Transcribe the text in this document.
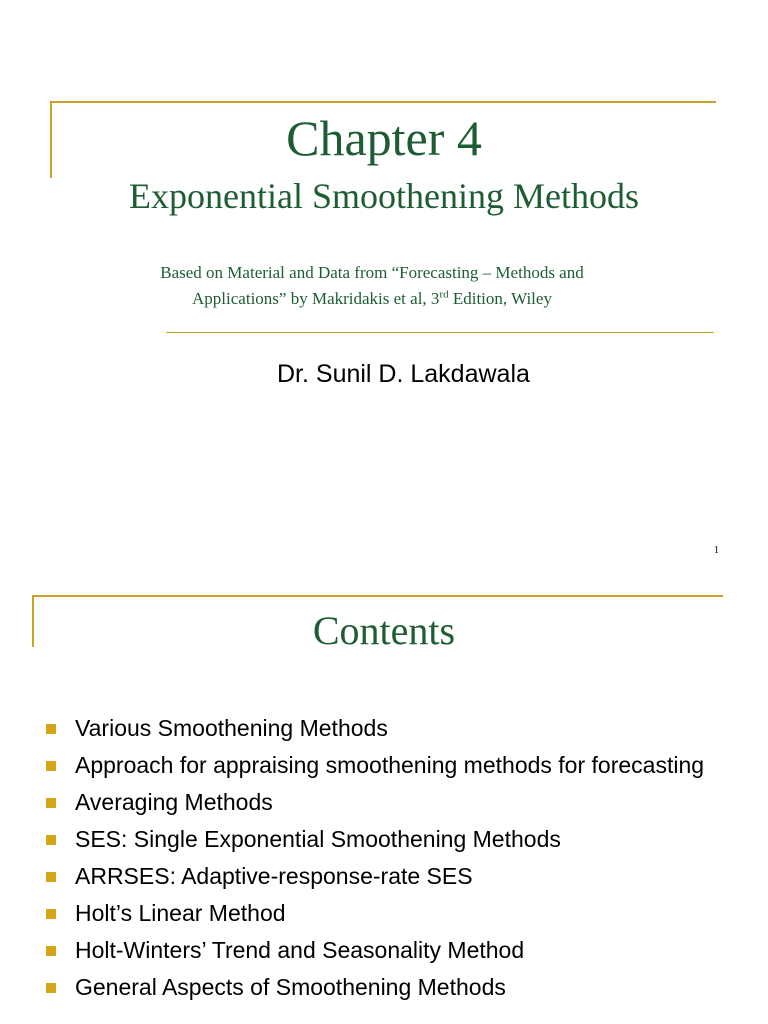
Chapter 4
Exponential Smoothening Methods
Based on Material and Data from “Forecasting – Methods and
Applications” by Makridakis et al, 3rd Edition, Wiley
Dr. Sunil D. Lakdawala
1
Contents
Various Smoothening Methods
Approach for appraising smoothening methods for forecasting
Averaging Methods
SES: Single Exponential Smoothening Methods
ARRSES: Adaptive-response-rate SES
Holt’s Linear Method
Holt-Winters’ Trend and Seasonality Method
General Aspects of Smoothening Methods
